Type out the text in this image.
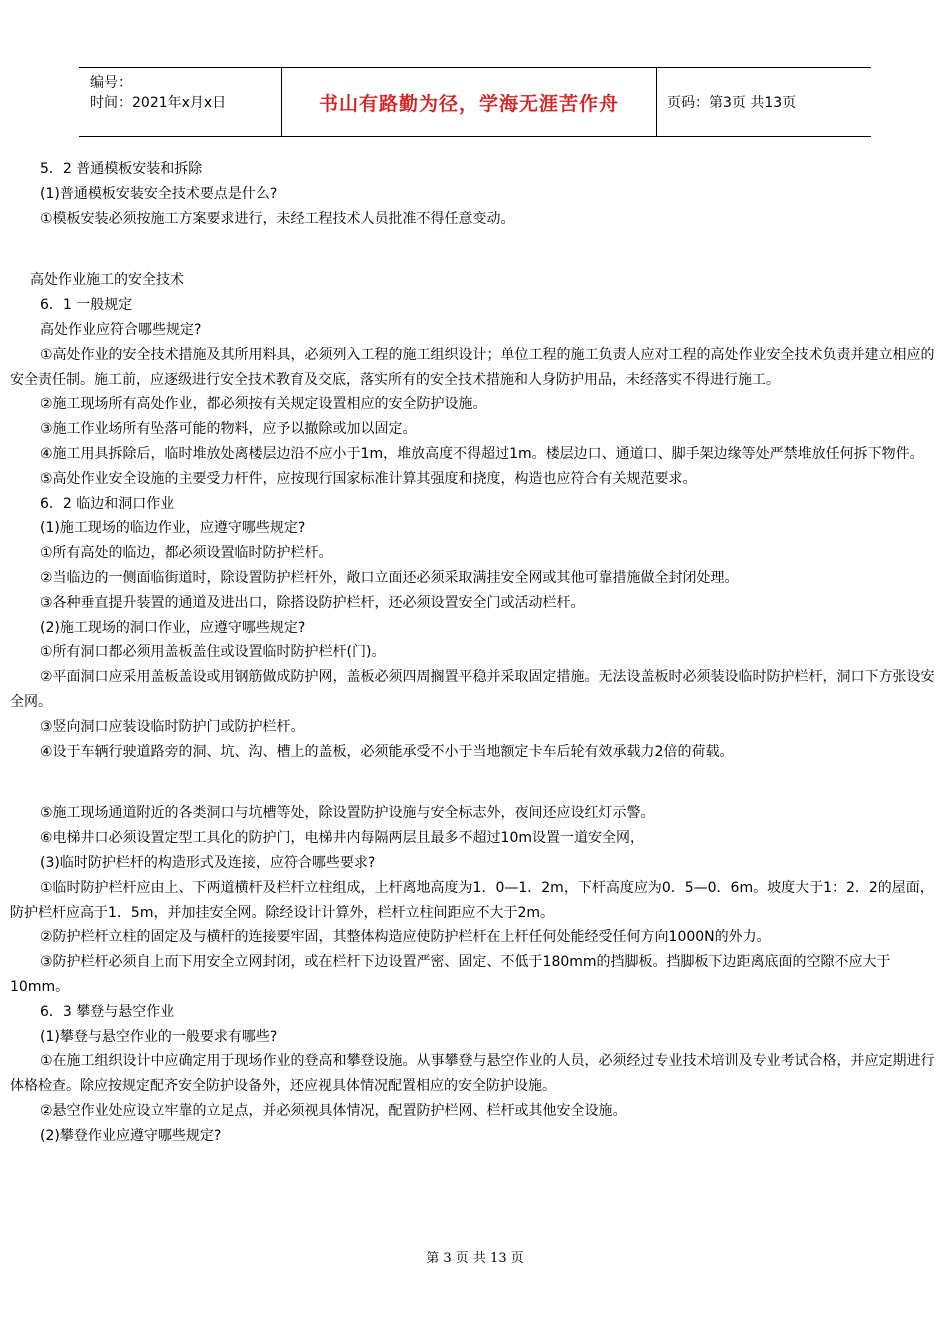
编号：
时间：2021年x月x日	书山有路勤为径，学海无涯苦作舟	页码：第3页 共13页

5．2 普通模板安装和拆除

(1)普通模板安装安全技术要点是什么?

①模板安装必须按施工方案要求进行，未经工程技术人员批准不得任意变动。

高处作业施工的安全技术

6．1 一般规定

高处作业应符合哪些规定?

①高处作业的安全技术措施及其所用料具，必须列入工程的施工组织设计；单位工程的施工负责人应对工程的高处作业安全技术负责并建立相应的安全责任制。施工前，应逐级进行安全技术教育及交底，落实所有的安全技术措施和人身防护用品，未经落实不得进行施工。

②施工现场所有高处作业，都必须按有关规定设置相应的安全防护设施。

③施工作业场所有坠落可能的物料，应予以撤除或加以固定。

④施工用具拆除后，临时堆放处离楼层边沿不应小于1m，堆放高度不得超过1m。楼层边口、通道口、脚手架边缘等处严禁堆放任何拆下物件。

⑤高处作业安全设施的主要受力杆件，应按现行国家标准计算其强度和挠度，构造也应符合有关规范要求。

6．2 临边和洞口作业

(1)施工现场的临边作业，应遵守哪些规定?

①所有高处的临边，都必须设置临时防护栏杆。

②当临边的一侧面临街道时，除设置防护栏杆外，敞口立面还必须采取满挂安全网或其他可靠措施做全封闭处理。

③各种垂直提升装置的通道及进出口，除搭设防护栏杆，还必须设置安全门或活动栏杆。

(2)施工现场的洞口作业，应遵守哪些规定?

①所有洞口都必须用盖板盖住或设置临时防护栏杆(门)。

②平面洞口应采用盖板盖设或用钢筋做成防护网，盖板必须四周搁置平稳并采取固定措施。无法设盖板时必须装设临时防护栏杆，洞口下方张设安全网。

③竖向洞口应装设临时防护门或防护栏杆。

④设于车辆行驶道路旁的洞、坑、沟、槽上的盖板，必须能承受不小于当地额定卡车后轮有效承载力2倍的荷载。

⑤施工现场通道附近的各类洞口与坑槽等处，除设置防护设施与安全标志外，夜间还应设红灯示警。

⑥电梯井口必须设置定型工具化的防护门，电梯井内每隔两层且最多不超过10m设置一道安全网，

(3)临时防护栏杆的构造形式及连接，应符合哪些要求?

①临时防护栏杆应由上、下两道横杆及栏杆立柱组成，上杆离地高度为1．0—1．2m，下杆高度应为0．5—0．6m。坡度大于1：2．2的屋面，防护栏杆应高于1．5m，并加挂安全网。除经设计计算外，栏杆立柱间距应不大于2m。

②防护栏杆立柱的固定及与横杆的连接要牢固，其整体构造应使防护栏杆在上杆任何处能经受任何方向1000N的外力。

③防护栏杆必须自上而下用安全立网封闭，或在栏杆下边设置严密、固定、不低于180mm的挡脚板。挡脚板下边距离底面的空隙不应大于10mm。

6．3 攀登与悬空作业

(1)攀登与悬空作业的一般要求有哪些?

①在施工组织设计中应确定用于现场作业的登高和攀登设施。从事攀登与悬空作业的人员，必须经过专业技术培训及专业考试合格，并应定期进行体格检查。除应按规定配齐安全防护设备外，还应视具体情况配置相应的安全防护设施。

②悬空作业处应设立牢靠的立足点，并必须视具体情况，配置防护栏网、栏杆或其他安全设施。

(2)攀登作业应遵守哪些规定?

第 3 页 共 13 页
